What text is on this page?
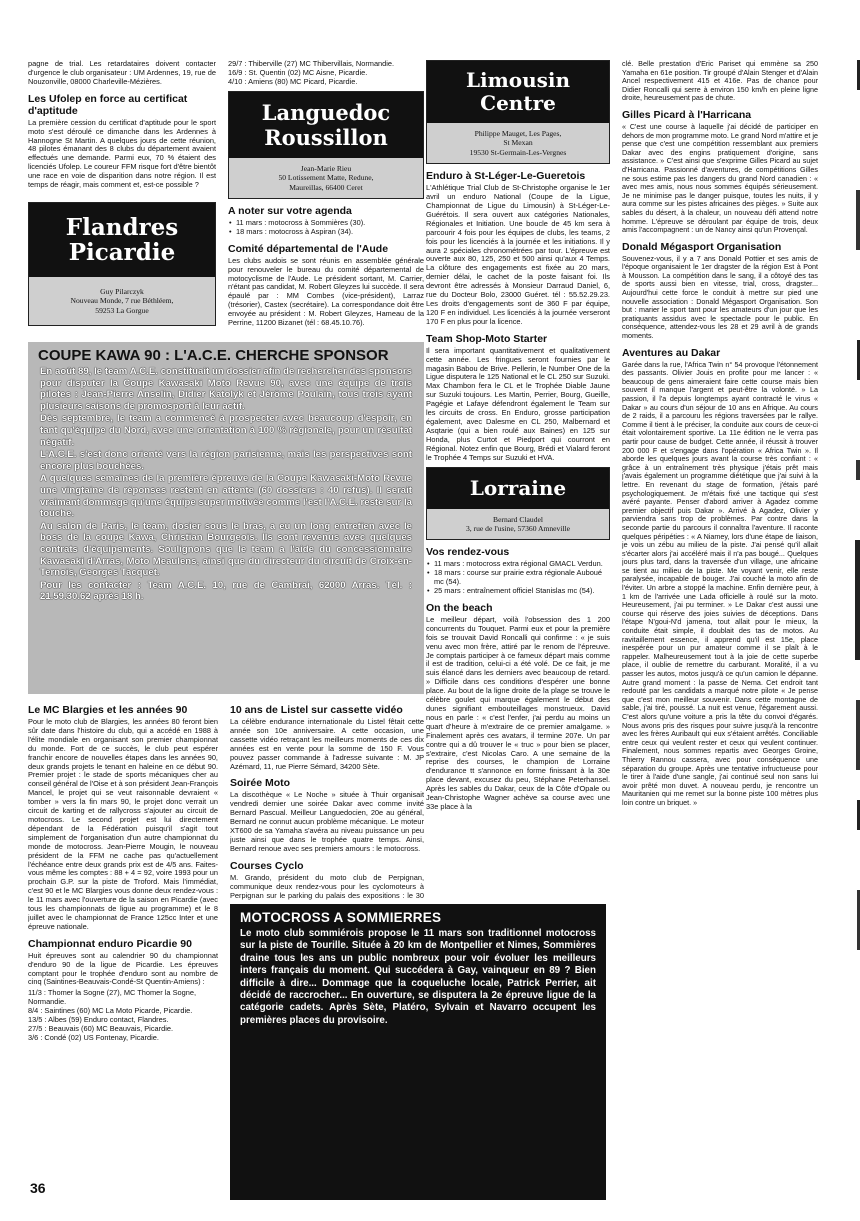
pagne de trial. Les retardataires doivent contacter d'urgence le club organisateur : UM Ardennes, 19, rue de Nouzonville, 08000 Charleville-Mézières.

Les Ufolep en force au certificat d'aptitude

La première cession du certificat d'aptitude pour le sport moto s'est déroulé ce dimanche dans les Ardennes à Hannogne St Martin. A quelques jours de cette réunion, 48 pilotes émanant des 8 clubs du département avaient effectués une demande. Parmi eux, 70 % étaient des licenciés Ufolep. Le coureur FFM risque fort d'être bientôt une race en voie de disparition dans notre région. Il est temps de réagir, mais comment et, est-ce possible ?

Flandres Picardie
Guy Pilarczyk
Nouveau Monde, 7 rue Béthléem,
59253 La Gorgue

29/7 : Thiberville (27) MC Thibervillais, Normandie.
16/9 : St. Quentin (02) MC Aisne, Picardie.
4/10 : Amiens (80) MC Picard, Picardie.

Languedoc Roussillon
Jean-Marie Rieu
50 Lotissement Matte, Redune,
Maureillas, 66400 Ceret
A noter sur votre agenda
• 11 mars : motocross à Sommières (30).
• 18 mars : motocross à Aspiran (34).
Comité départemental de l'Aude

Les clubs audois se sont réunis en assemblée générale pour renouveler le bureau du comité départemental de motocyclisme de l'Aude. Le président sortant, M. Carrier, n'étant pas candidat, M. Robert Gleyzes lui succède. Il sera épaulé par : MM Combes (vice-président), Larraz (trésorier), Castex (secrétaire). La correspondance doit être envoyée au président : M. Robert Gleyzes, Hameau de la Perrine, 11200 Bizanet (tél : 68.45.10.76).

COUPE KAWA 90 : L'A.C.E. CHERCHE SPONSOR

En août 89, le team A.C.E. constituait un dossier afin de rechercher des sponsors pour disputer la Coupe Kawasaki Moto Revue 90, avec une équipe de trois pilotes : Jean-Pierre Anselin, Didier Katolyk et Jérôme Poulain, tous trois ayant plusieurs saisons de promosport à leur actif.

Dès septembre, le team a commencé à prospecter avec beaucoup d'espoir, en tant qu'équipe du Nord, avec une orientation à 100 % régionale, pour un résultat négatif.

L'A.C.E. s'est donc orienté vers la région parisienne, mais les perspectives sont encore plus bouchées.

A quelques semaines de la première épreuve de la Coupe Kawasaki-Moto Revue une vingtaine de réponses restent en attente (60 dossiers : 40 refus). Il serait vraimant dommage qu'une équipe super motivée comme l'est l'A.C.E. reste sur la touche.

Au salon de Paris, le team, dosier sous le bras, a eu un long entretien avec le boss de la coupe Kawa, Christian Bourgeois. Ils sont revenus avec quelques contrats d'équipements. Soulignons que le team a l'aide du concessionnaire Kawasaki d'Arras, Moto Meaulens, ainsi que du directeur du circuit de Croix-en-Ternois, Georges Tacquet.

Pour les contacter : Team A.C.E. 10, rue de Cambrai, 62000 Arras. Tél. : 21.59.30.62 après 18 h.

Le MC Blargies et les années 90

Pour le moto club de Blargies, les années 80 feront bien sûr date dans l'histoire du club, qui a accédé en 1988 à l'élite mondiale en organisant son premier championnat du monde. Fort de ce succès, le club peut espérer franchir encore de nouvelles étapes dans les années 90, deux grands projets le tenant en haleine en ce début 90. Premier projet : le stade de sports mécaniques cher au conseil général de l'Oise et à son président Jean-François Mancel, le projet qui se veut raisonnable devraient « tomber » vers la fin mars 90, le projet donc verrait un circuit de karting et de rallycross s'ajouter au circuit de motocross. Le second projet est lui directement dépendant de la Fédération puisqu'il s'agit tout simplement de l'organisation d'un autre championnat du monde de motocross. Jean-Pierre Mougin, le nouveau président de la FFM ne cache pas qu'actuellement l'échéance entre deux grands prix est de 4/5 ans. Faites-vous même les comptes : 88 + 4 = 92, voire 1993 pour un prochain G.P. sur la piste de Troford. Mais l'immédiat, c'est 90 et le MC Blargies vous donne deux rendez-vous : le 11 mars avec l'ouverture de la saison en Picardie (avec tous les championnats de ligue au programme) et le 8 juillet avec le championnat de France 125cc Inter et une épreuve nationale.

Championnat enduro Picardie 90

Huit épreuves sont au calendrier 90 du championnat d'enduro 90 de la ligue de Picardie. Les épreuves comptant pour le trophée d'enduro sont au nombre de cinq (Saintines-Beauvais-Condé-St Quentin-Amiens) :

11/3 : Thomer la Sogne (27), MC Thomer la Sogne, Normandie.
8/4 : Saintines (60) MC La Moto Picarde, Picardie.
13/5 : Albes (59) Enduro contact, Flandres.
27/5 : Beauvais (60) MC Beauvais, Picardie.
3/6 : Condé (02) US Fontenay, Picardie.

10 ans de Listel sur cassette vidéo

La célèbre endurance internationale du Listel fêtait cette année son 10e anniversaire. A cette occasion, une cassette vidéo retraçant les meilleurs moments de ces dix années est en vente pour la somme de 150 F. Vous pouvez passer commande à l'adresse suivante : M. JP Azémard, 11, rue Pierre Sémard, 34200 Sète.

Soirée Moto

La discothèque « Le Noche » située à Thuir organisait vendredi dernier une soirée Dakar avec comme invité Bernard Pascual. Meilleur Languedocien, 20e au général, Bernard ne connut aucun problème mécanique. Le moteur XT600 de sa Yamaha s'avéra au niveau puissance un peu juste ainsi que dans le trophée quatre temps. Ainsi, Bernard renoue avec ses premiers amours : le motocross.

Courses Cyclo

M. Grando, président du moto club de Perpignan, communique deux rendez-vous pour les cyclomoteurs à Perpignan sur le parking du palais des expositions : le 30

Limousin Centre
Philippe Mauget, Les Pages,
St Mexan
19530 St-Germain-Les-Vergnes
Enduro à St-Léger-Le-Gueretois

L'Athlétique Trial Club de St-Christophe organise le 1er avril un enduro National (Coupe de la Ligue, Championnat de Ligue du Limousin) à St-Léger-Le-Guérétois. Il sera ouvert aux catégories Nationales, Régionales et Initiation. Une boucle de 45 km sera à parcourir 4 fois pour les équipes de clubs, les teams, 2 fois pour les licenciés à la journée et les initiations. Il y aura 2 spéciales chronométrées par tour. L'épreuve est ouverte aux 80, 125, 250 et 500 ainsi qu'aux 4 Temps. La clôture des engagements est fixée au 20 mars, dernier délai, le cachet de la poste faisant foi. Ils devront être adressés à Monsieur Darraud Daniel, 6, rue du Docteur Bolo, 23000 Guéret. tél : 55.52.29.23. Les droits d'engagements sont de 360 F par équipe, 120 F en individuel. Les licenciés à la journée verseront 170 F en plus pour la licence.

Team Shop-Moto Starter

Il sera important quantitativement et qualitativement cette année. Les fringues seront fournies par le magasin Babou de Brive. Pellerin, le Number One de la Ligue disputera le 125 National et le CL 250 sur Suzuki. Max Chambon fera le CL et le Trophée Diable Jaune sur Suzuki toujours. Les Martin, Perrier, Bourg, Gueille, Pagégie et Lafaye défendront également le Team sur les circuits de cross. En Enduro, grosse participation également, avec Dalesme en CL 250, Malbernard et Asqtarie (qui a bien roulé aux Baines) en 125 sur Honda, plus Curtot et Piedport qui courront en Régional. Notez enfin que Bourg, Brédi et Vialard feront le Trophée 4 Temps sur Suzuki et HVA.

Lorraine
Bernard Claudel
3, rue de l'usine, 57360 Amneville
Vos rendez-vous
• 11 mars : motocross extra régional GMACL Verdun.
• 18 mars : course sur prairie extra régionale Auboué mc (54).
• 25 mars : entraînement officiel Stanislas mc (54).
On the beach

Le meilleur départ, voilà l'obsession des 1 200 concurrents du Touquet. Parmi eux et pour la première fois se trouvait David Roncalli qui confirme : « je suis venu avec mon frère, attiré par le renom de l'épreuve. Je comptais participer à ce fameux départ mais comme il est de tradition, celui-ci a été volé. De ce fait, je me suis élancé dans les derniers avec beaucoup de retard. » Difficile dans ces conditions d'espérer une bonne place. Au bout de la ligne droite de la plage se trouve le célèbre goulet qui marque également le début des dunes signifiant embouteillages monstrueux. David nous en parle : « c'est l'enfer, j'ai perdu au moins un quart d'heure à m'extraire de ce premier amalgame. » Finalement après ces avatars, il termine 207e. Un par contre qui a dû trouver le « truc » pour bien se placer, s'extraire, c'est Nicolas Caro. A une semaine de la reprise des courses, le champion de Lorraine d'endurance tt s'annonce en forme finissant à la 30e place devant, excusez du peu, Stéphane Peterhansel. Après les sables du Dakar, ceux de la Côte d'Opale ou Jean-Christophe Wagner achève sa course avec une 33e place à la

clé. Belle prestation d'Eric Pariset qui emmène sa 250 Yamaha en 61e position. Tir groupé d'Alain Stenger et d'Alain Ancel respectivement 415 et 416e. Pas de chance pour Didier Roncalli qui serre à environ 150 km/h en pleine ligne droite, heureusement pas de chute.

Gilles Picard à l'Harricana

« C'est une course à laquelle j'ai décidé de participer en dehors de mon programme moto. Le grand Nord m'attire et je pense que c'est une compétition ressemblant aux premiers Dakar avec des engins pratiquement d'origine, sans assistance. » C'est ainsi que s'exprime Gilles Picard au sujet d'Harricana. Passionné d'aventures, de compétitions Gilles ne sous estime pas les dangers du grand Nord canadien : « avec mes amis, nous nous sommes équipés sérieusement. Je ne minimise pas le danger puisque, toutes les nuits, il y aura comme sur les pistes africaines des pièges. » Suite aux sables du désert, à la chaleur, un nouveau défi attend notre homme. L'épreuve se déroulant par équipe de trois, deux amis l'accompagnent : un de Nancy ainsi qu'un Provençal.

Donald Mégasport Organisation

Souvenez-vous, il y a 7 ans Donald Pottier et ses amis de l'époque organisaient le 1er dragster de la région Est à Pont à Mousson. La compétition dans le sang, il a côtoyé des tas de sports aussi bien en vitesse, trial, cross, dragster... Aujourd'hui cette force le conduit à mettre sur pied une nouvelle association : Donald Mégasport Organisation. Son but : marier le sport tant pour les amateurs d'un jour que les pratiquants assidus avec le spectacle pour le public. En conséquence, attendez-vous les 28 et 29 avril à de grands moments.

Aventures au Dakar

Garée dans la rue, l'Africa Twin n° 54 provoque l'étonnement des passants. Olivier Jouis en profite pour me lancer : « beaucoup de gens aimeraient faire cette course mais bien souvent il manque l'argent et peut-être la volonté. » La passion, il l'a depuis longtemps ayant contracté le virus « Dakar » au cours d'un séjour de 10 ans en Afrique. Au cours de 2 raids, il a parcouru les régions traversées par le rallye. Comme il tient à le préciser, la conduite aux cours de ceux-ci était volontairement sportive. La 11e édition ne le verra pas partir pour cause de budget. Cette année, il réussit à trouver 200 000 F et s'engage dans l'opération « Africa Twin ». Il aborde les quelques jours avant la course très confiant : « grâce à un entraînement très physique j'étais prêt mais j'avais également un programme diététique que j'ai suivi à la lettre. En revenant du stage de formation, j'étais paré psychologiquement. Je m'étais fixé une tactique qui s'est avéré payante. Penser d'abord arriver à Agadez comme premier objectif puis Dakar ». Arrivé à Agadez, Olivier y parviendra sans trop de problèmes. Par contre dans la seconde partie du parcours il connaîtra l'aventure. Il raconte quelques péripéties : « A Niamey, lors d'une étape de liaison, je vois un zébu au milieu de la piste. J'ai pensé qu'il allait s'écarter alors j'ai accéléré mais il n'a pas bougé... Quelques jours plus tard, dans la traversée d'un village, une africaine se tient au milieu de la piste. Me voyant venir, elle reste paralysée, incapable de bouger. J'ai couché la moto afin de l'éviter. Un arbre a stoppé la machine. Enfin dernière peur, à 1 km de l'arrivée une Lada officielle à roulé sur la moto. Heureusement, j'ai pu terminer. » Le Dakar c'est aussi une course qui réserve des joies suivies de déceptions. Dans l'étape N'goui-N'd jamena, tout allait pour le mieux, la conduite était simple, il doublait des tas de motos. Au ravitaillement essence, il apprend qu'il est 15e, place inespérée pour un pur amateur comme il se plaît à le rappeler. Malheureusement tout à la joie de cette superbe place, il oublie de remettre du carburant. Moralité, il a vu passer les autos, motos jusqu'à ce qu'un camion le dépanne. Autre grand moment : la passe de Nema. Cet endroit tant redouté par les candidats a marqué notre pilote « Je pense que c'est mon meilleur souvenir. Dans cette montagne de sable, j'ai tiré, poussé. La nuit est venue, l'égarement aussi. C'est alors qu'une voiture a pris la tête du convoi d'égarés. Nous avons pris des risques pour suivre jusqu'à la rencontre avec les frères Auribault qui eux s'étaient arrêtés. Conciliable entre ceux qui veulent rester et ceux qui veulent continuer. Finalement, nous sommes repartis avec Georges Groine, Thierry Rannou cassera, avec pour conséquence une séparation du groupe. Après une tentative infructueuse pour le tirer à l'aide d'une sangle, j'ai continué seul non sans lui avoir prêté mon duvet. A nouveau perdu, je rencontre un Mauritanien qui me remet sur la bonne piste 100 mètres plus loin contre un briquet. »

MOTOCROSS A SOMMIERRES
Le moto club sommiérois propose le 11 mars son traditionnel motocross sur la piste de Tourille. Située à 20 km de Montpellier et Nimes, Sommières draine tous les ans un public nombreux pour voir évoluer les meilleurs inters français du moment. Qui succédera à Gay, vainqueur en 89 ? Bien difficile à dire... Dommage que la coqueluche locale, Patrick Perrier, ait décidé de raccrocher... En ouverture, se disputera la 2e épreuve ligue de la catégorie cadets. Après Sète, Platéro, Sylvain et Navarro occupent les premières places du provisoire.
36
